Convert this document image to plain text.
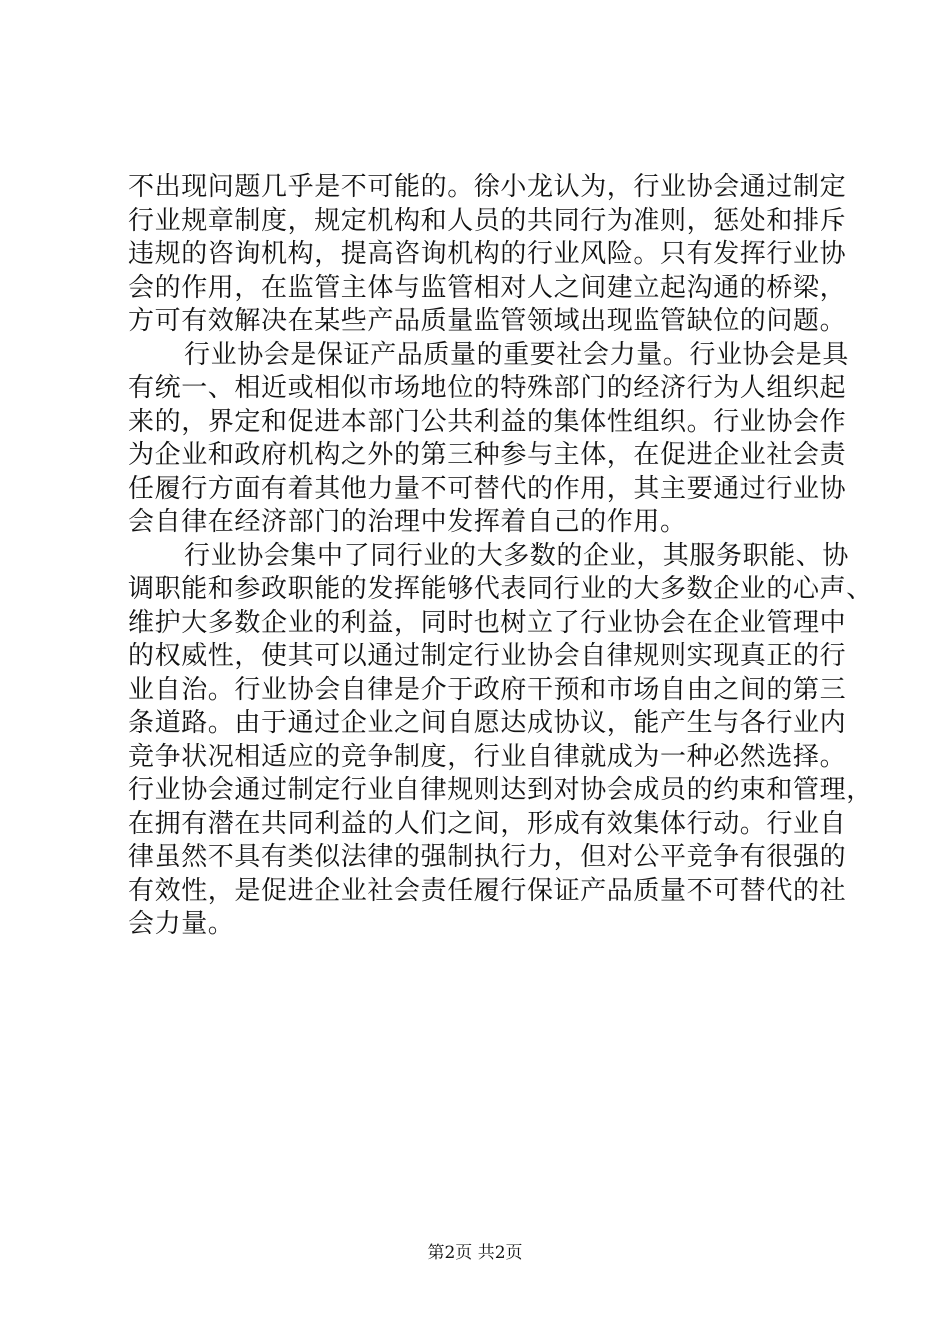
不出现问题几乎是不可能的。徐小龙认为，行业协会通过制定
行业规章制度，规定机构和人员的共同行为准则，惩处和排斥
违规的咨询机构，提高咨询机构的行业风险。只有发挥行业协
会的作用，在监管主体与监管相对人之间建立起沟通的桥梁，
方可有效解决在某些产品质量监管领域出现监管缺位的问题。
行业协会是保证产品质量的重要社会力量。行业协会是具
有统一、相近或相似市场地位的特殊部门的经济行为人组织起
来的，界定和促进本部门公共利益的集体性组织。行业协会作
为企业和政府机构之外的第三种参与主体，在促进企业社会责
任履行方面有着其他力量不可替代的作用，其主要通过行业协
会自律在经济部门的治理中发挥着自己的作用。
行业协会集中了同行业的大多数的企业，其服务职能、协
调职能和参政职能的发挥能够代表同行业的大多数企业的心声、
维护大多数企业的利益，同时也树立了行业协会在企业管理中
的权威性，使其可以通过制定行业协会自律规则实现真正的行
业自治。行业协会自律是介于政府干预和市场自由之间的第三
条道路。由于通过企业之间自愿达成协议，能产生与各行业内
竞争状况相适应的竞争制度，行业自律就成为一种必然选择。
行业协会通过制定行业自律规则达到对协会成员的约束和管理，
在拥有潜在共同利益的人们之间，形成有效集体行动。行业自
律虽然不具有类似法律的强制执行力，但对公平竞争有很强的
有效性，是促进企业社会责任履行保证产品质量不可替代的社
会力量。
第2页 共2页
